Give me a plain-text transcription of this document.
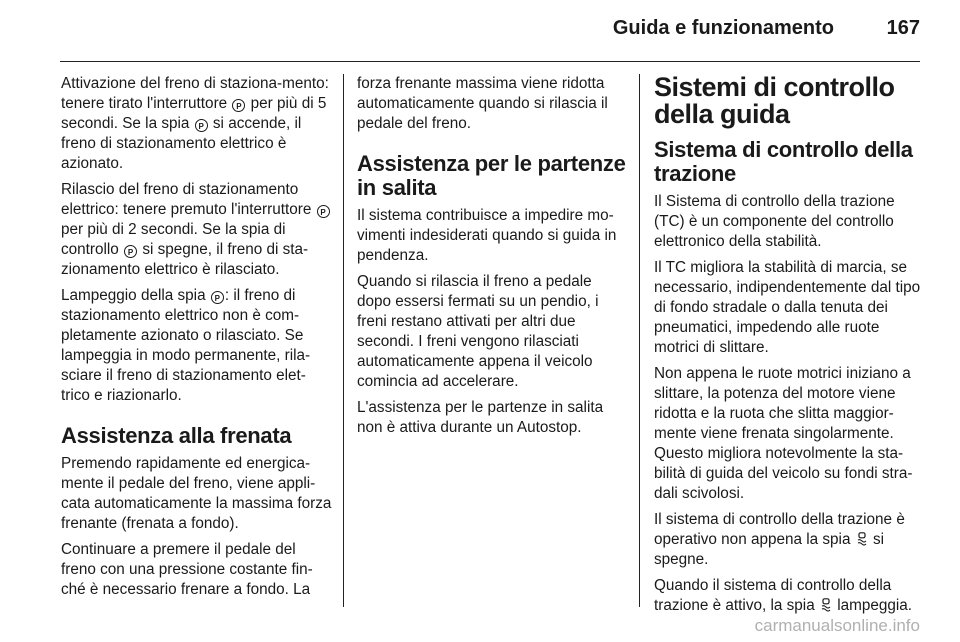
Guida e funzionamento	167

Attivazione del freno di staziona-mento: tenere tirato l'interruttore P per più di 5 secondi. Se la spia P si accende, il freno di stazionamento elettrico è azionato.

Rilascio del freno di stazionamento elettrico: tenere premuto l'interruttore P per più di 2 secondi. Se la spia di controllo P si spegne, il freno di sta-zionamento elettrico è rilasciato.

Lampeggio della spia P : il freno di stazionamento elettrico non è com-pletamente azionato o rilasciato. Se lampeggia in modo permanente, rila-sciare il freno di stazionamento elet-trico e riazionarlo.

Assistenza alla frenata

Premendo rapidamente ed energica-mente il pedale del freno, viene appli-cata automaticamente la massima forza frenante (frenata a fondo).

Continuare a premere il pedale del freno con una pressione costante fin-ché è necessario frenare a fondo. La

forza frenante massima viene ridotta automaticamente quando si rilascia il pedale del freno.

Assistenza per le partenze in salita

Il sistema contribuisce a impedire mo-vimenti indesiderati quando si guida in pendenza.

Quando si rilascia il freno a pedale dopo essersi fermati su un pendio, i freni restano attivati per altri due secondi. I freni vengono rilasciati automaticamente appena il veicolo comincia ad accelerare.

L'assistenza per le partenze in salita non è attiva durante un Autostop.

Sistemi di controllo della guida
Sistema di controllo della trazione

Il Sistema di controllo della trazione (TC) è un componente del controllo elettronico della stabilità.

Il TC migliora la stabilità di marcia, se necessario, indipendentemente dal tipo di fondo stradale o dalla tenuta dei pneumatici, impedendo alle ruote motrici di slittare.

Non appena le ruote motrici iniziano a slittare, la potenza del motore viene ridotta e la ruota che slitta maggior-mente viene frenata singolarmente. Questo migliora notevolmente la sta-bilità di guida del veicolo su fondi stra-dali scivolosi.

Il sistema di controllo della trazione è operativo non appena la spia  si spegne.

Quando il sistema di controllo della trazione è attivo, la spia  lampeggia.

carmanualsonline.info
